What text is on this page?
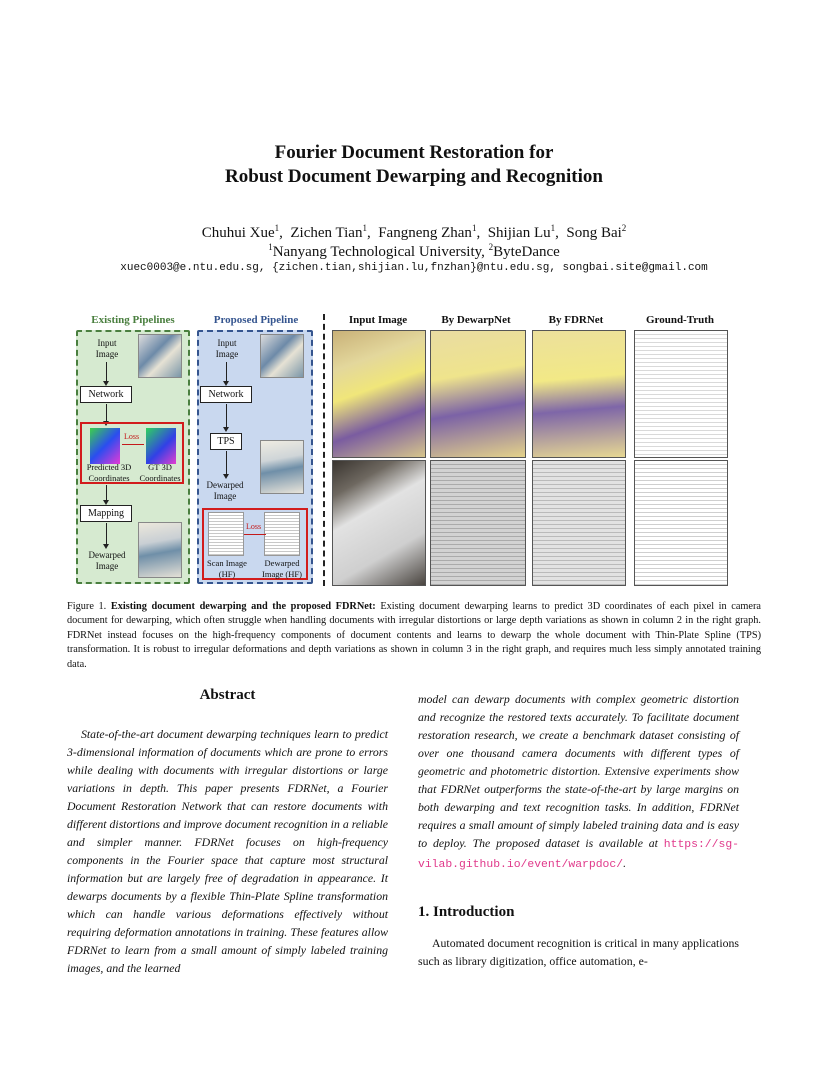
Fourier Document Restoration for
Robust Document Dewarping and Recognition
Chuhui Xue$^1$,  Zichen Tian$^1$,  Fangneng Zhan$^1$,  Shijian Lu$^1$,  Song Bai$^2$
$^1$Nanyang Technological University, $^2$ByteDance
xuec0003@e.ntu.edu.sg, {zichen.tian,shijian.lu,fnzhan}@ntu.edu.sg, songbai.site@gmail.com
Existing Pipelines	Proposed Pipeline
Input
Image
Network
Loss
Predicted 3D
Coordinates
GT 3D
Coordinates
Mapping
Dewarped
Image
Input
Image
Network
TPS
Dewarped
Image
Loss
Scan Image
(HF)
Dewarped
Image (HF)
Input Image	By DewarpNet	By FDRNet	Ground-Truth
Figure 1. Existing document dewarping and the proposed FDRNet: Existing document dewarping learns to predict 3D coordinates of each pixel in camera document for dewarping, which often struggle when handling documents with irregular distortions or large depth variations as shown in column 2 in the right graph. FDRNet instead focuses on the high-frequency components of document contents and learns to dewarp the whole document with Thin-Plate Spline (TPS) transformation. It is robust to irregular deformations and depth variations as shown in column 3 in the right graph, and requires much less simply annotated training data.
Abstract
State-of-the-art document dewarping techniques learn to predict 3-dimensional information of documents which are prone to errors while dealing with documents with irregular distortions or large variations in depth. This paper presents FDRNet, a Fourier Document Restoration Network that can restore documents with different distortions and improve document recognition in a reliable and simpler manner. FDRNet focuses on high-frequency components in the Fourier space that capture most structural information but are largely free of degradation in appearance. It dewarps documents by a flexible Thin-Plate Spline transformation which can handle various deformations effectively without requiring deformation annotations in training. These features allow FDRNet to learn from a small amount of simply labeled training images, and the learned
model can dewarp documents with complex geometric distortion and recognize the restored texts accurately. To facilitate document restoration research, we create a benchmark dataset consisting of over one thousand camera documents with different types of geometric and photometric distortion. Extensive experiments show that FDRNet outperforms the state-of-the-art by large margins on both dewarping and text recognition tasks. In addition, FDRNet requires a small amount of simply labeled training data and is easy to deploy. The proposed dataset is available at https://sg-vilab.github.io/event/warpdoc/.
1. Introduction
Automated document recognition is critical in many applications such as library digitization, office automation, e-
